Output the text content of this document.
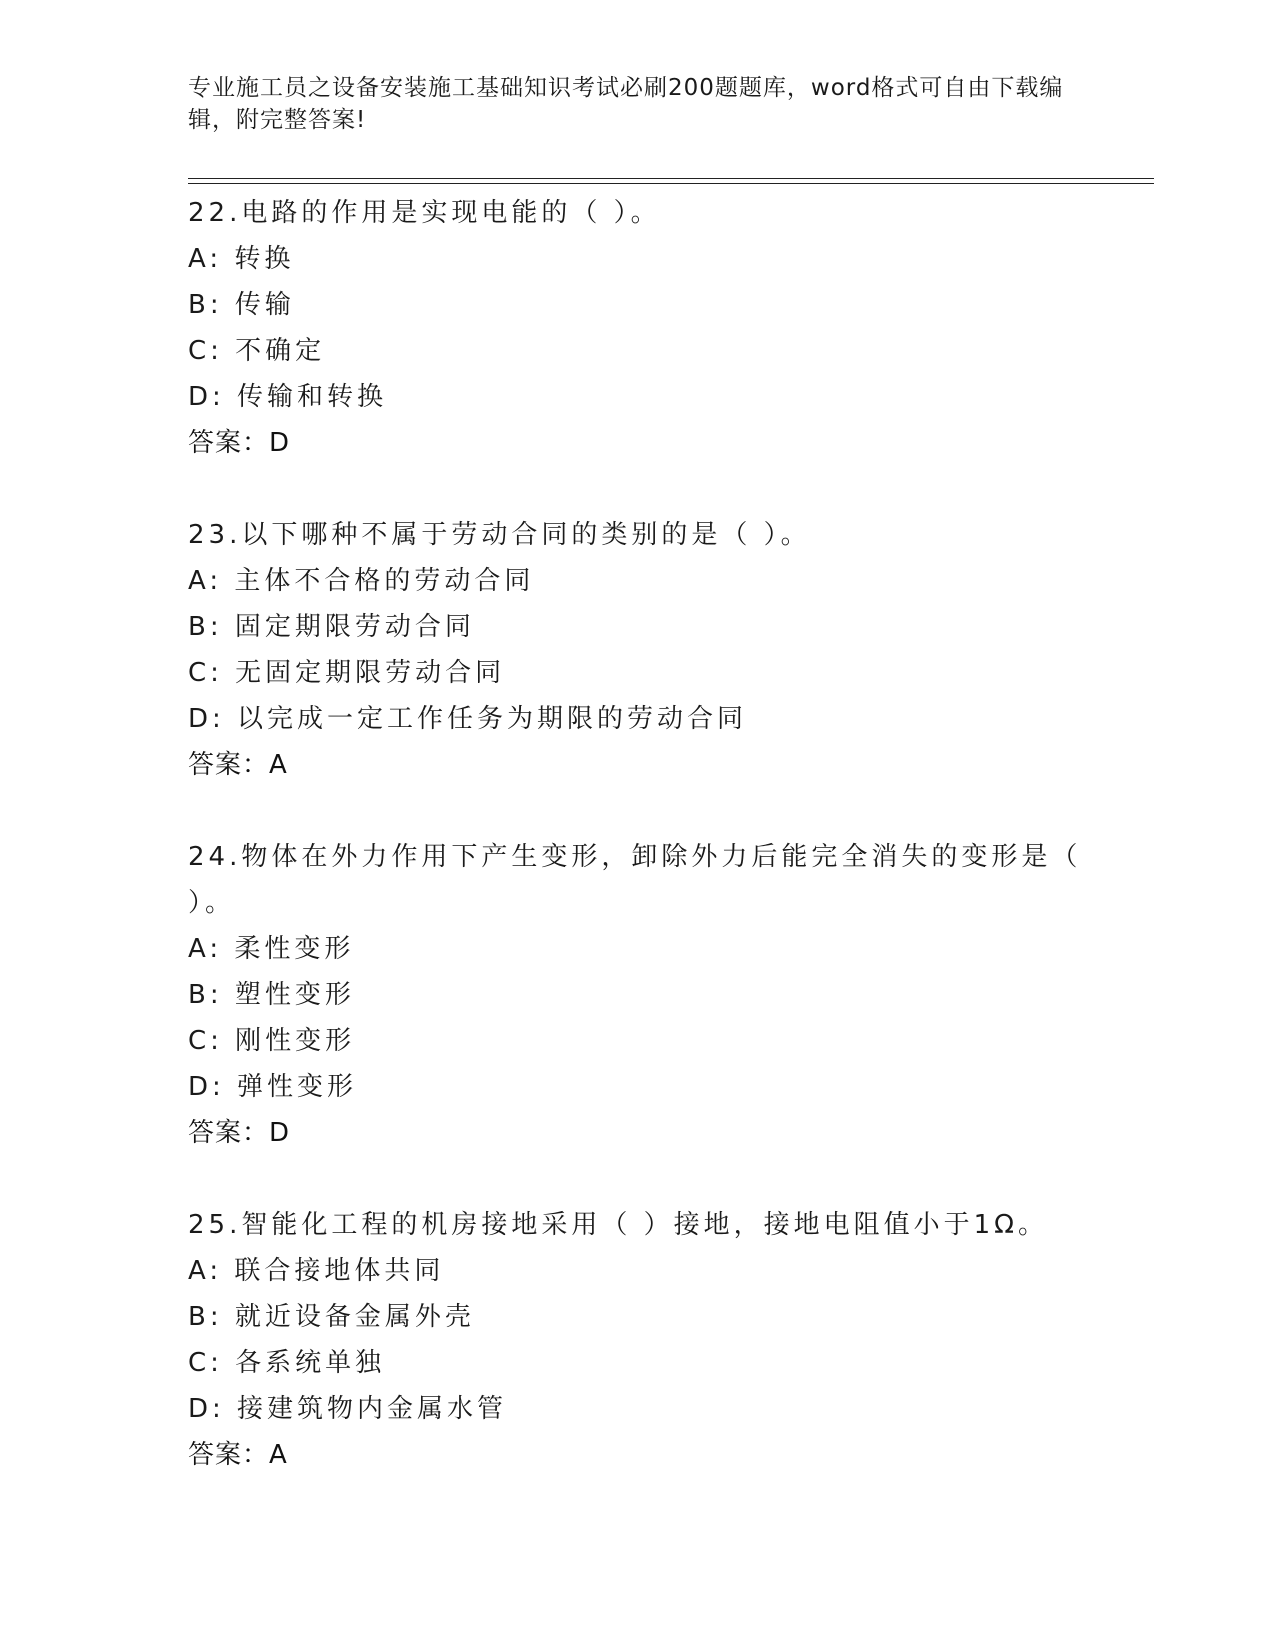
专业施工员之设备安装施工基础知识考试必刷200题题库，word格式可自由下载编辑，附完整答案!
22.电路的作用是实现电能的（ ）。
A: 转换
B: 传输
C: 不确定
D: 传输和转换
答案：D
23.以下哪种不属于劳动合同的类别的是（ ）。
A: 主体不合格的劳动合同
B: 固定期限劳动合同
C: 无固定期限劳动合同
D: 以完成一定工作任务为期限的劳动合同
答案：A
24.物体在外力作用下产生变形，卸除外力后能完全消失的变形是（ ）。
A: 柔性变形
B: 塑性变形
C: 刚性变形
D: 弹性变形
答案：D
25.智能化工程的机房接地采用（ ）接地，接地电阻值小于1Ω。
A: 联合接地体共同
B: 就近设备金属外壳
C: 各系统单独
D: 接建筑物内金属水管
答案：A
